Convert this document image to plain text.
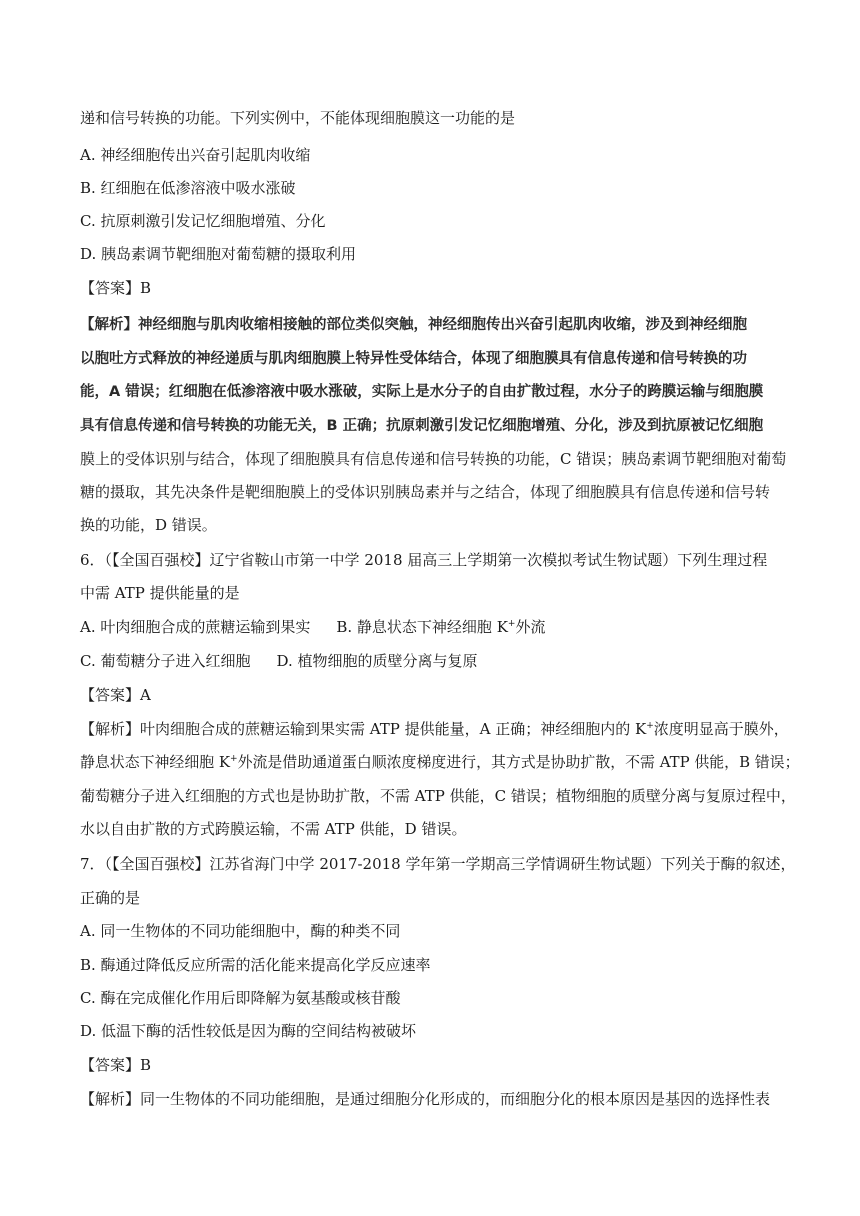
递和信号转换的功能。下列实例中，不能体现细胞膜这一功能的是
A. 神经细胞传出兴奋引起肌肉收缩
B. 红细胞在低渗溶液中吸水涨破
C. 抗原刺激引发记忆细胞增殖、分化
D. 胰岛素调节靶细胞对葡萄糖的摄取利用
【答案】B
【解析】神经细胞与肌肉收缩相接触的部位类似突触，神经细胞传出兴奋引起肌肉收缩，涉及到神经细胞
以胞吐方式释放的神经递质与肌肉细胞膜上特异性受体结合，体现了细胞膜具有信息传递和信号转换的功
能，A 错误；红细胞在低渗溶液中吸水涨破，实际上是水分子的自由扩散过程，水分子的跨膜运输与细胞膜
具有信息传递和信号转换的功能无关，B 正确；抗原刺激引发记忆细胞增殖、分化，涉及到抗原被记忆细胞
膜上的受体识别与结合，体现了细胞膜具有信息传递和信号转换的功能，C 错误；胰岛素调节靶细胞对葡萄
糖的摄取，其先决条件是靶细胞膜上的受体识别胰岛素并与之结合，体现了细胞膜具有信息传递和信号转
换的功能，D 错误。
6．（【全国百强校】辽宁省鞍山市第一中学 2018 届高三上学期第一次模拟考试生物试题）下列生理过程
中需 ATP 提供能量的是
A. 叶肉细胞合成的蔗糖运输到果实 B. 静息状态下神经细胞 K+外流
C. 葡萄糖分子进入红细胞 D. 植物细胞的质壁分离与复原
【答案】A
【解析】叶肉细胞合成的蔗糖运输到果实需 ATP 提供能量，A 正确；神经细胞内的 K+浓度明显高于膜外，
静息状态下神经细胞 K+外流是借助通道蛋白顺浓度梯度进行，其方式是协助扩散，不需 ATP 供能，B 错误；
葡萄糖分子进入红细胞的方式也是协助扩散，不需 ATP 供能，C 错误；植物细胞的质壁分离与复原过程中，
水以自由扩散的方式跨膜运输，不需 ATP 供能，D 错误。
7．（【全国百强校】江苏省海门中学 2017-2018 学年第一学期高三学情调研生物试题）下列关于酶的叙述，
正确的是
A. 同一生物体的不同功能细胞中，酶的种类不同
B. 酶通过降低反应所需的活化能来提高化学反应速率
C. 酶在完成催化作用后即降解为氨基酸或核苷酸
D. 低温下酶的活性较低是因为酶的空间结构被破坏
【答案】B
【解析】同一生物体的不同功能细胞，是通过细胞分化形成的，而细胞分化的根本原因是基因的选择性表
